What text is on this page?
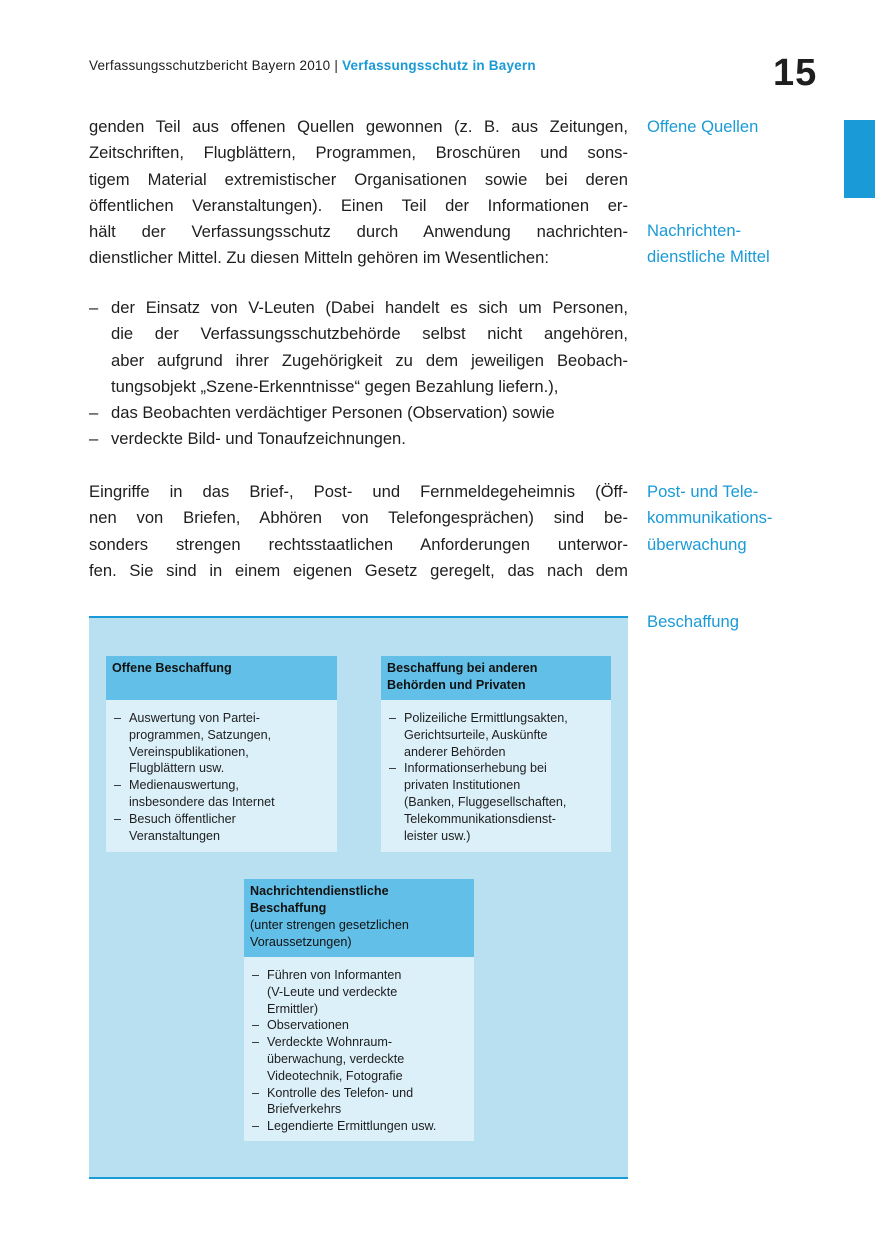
Verfassungsschutzbericht Bayern 2010 | Verfassungsschutz in Bayern	15
genden Teil aus offenen Quellen gewonnen (z. B. aus Zeitungen,
Zeitschriften, Flugblättern, Programmen, Broschüren und sons-
tigem Material extremistischer Organisationen sowie bei deren
öffentlichen Veranstaltungen). Einen Teil der Informationen er-
hält der Verfassungsschutz durch Anwendung nachrichten-
dienstlicher Mittel. Zu diesen Mitteln gehören im Wesentlichen:
– der Einsatz von V-Leuten (Dabei handelt es sich um Personen,
die der Verfassungsschutzbehörde selbst nicht angehören,
aber aufgrund ihrer Zugehörigkeit zu dem jeweiligen Beobach-
tungsobjekt „Szene-Erkenntnisse“ gegen Bezahlung liefern.),
– das Beobachten verdächtiger Personen (Observation) sowie
– verdeckte Bild- und Tonaufzeichnungen.
Eingriffe in das Brief-, Post- und Fernmeldegeheimnis (Öff-
nen von Briefen, Abhören von Telefongesprächen) sind be-
sonders strengen rechtsstaatlichen Anforderungen unterwor-
fen. Sie sind in einem eigenen Gesetz geregelt, das nach dem
Offene Quellen
Nachrichten-
dienstliche Mittel
Post- und Tele-
kommunikations-
überwachung
Beschaffung
Offene Beschaffung
– Auswertung von Partei-
programmen, Satzungen,
Vereinspublikationen,
Flugblättern usw.
– Medienauswertung,
insbesondere das Internet
– Besuch öffentlicher
Veranstaltungen
Beschaffung bei anderen
Behörden und Privaten
– Polizeiliche Ermittlungsakten,
Gerichtsurteile, Auskünfte
anderer Behörden
– Informationserhebung bei
privaten Institutionen
(Banken, Fluggesellschaften,
Telekommunikationsdienst-
leister usw.)
Nachrichtendienstliche
Beschaffung
(unter strengen gesetzlichen
Voraussetzungen)
– Führen von Informanten
(V-Leute und verdeckte
Ermittler)
– Observationen
– Verdeckte Wohnraum-
überwachung, verdeckte
Videotechnik, Fotografie
– Kontrolle des Telefon- und
Briefverkehrs
– Legendierte Ermittlungen usw.
